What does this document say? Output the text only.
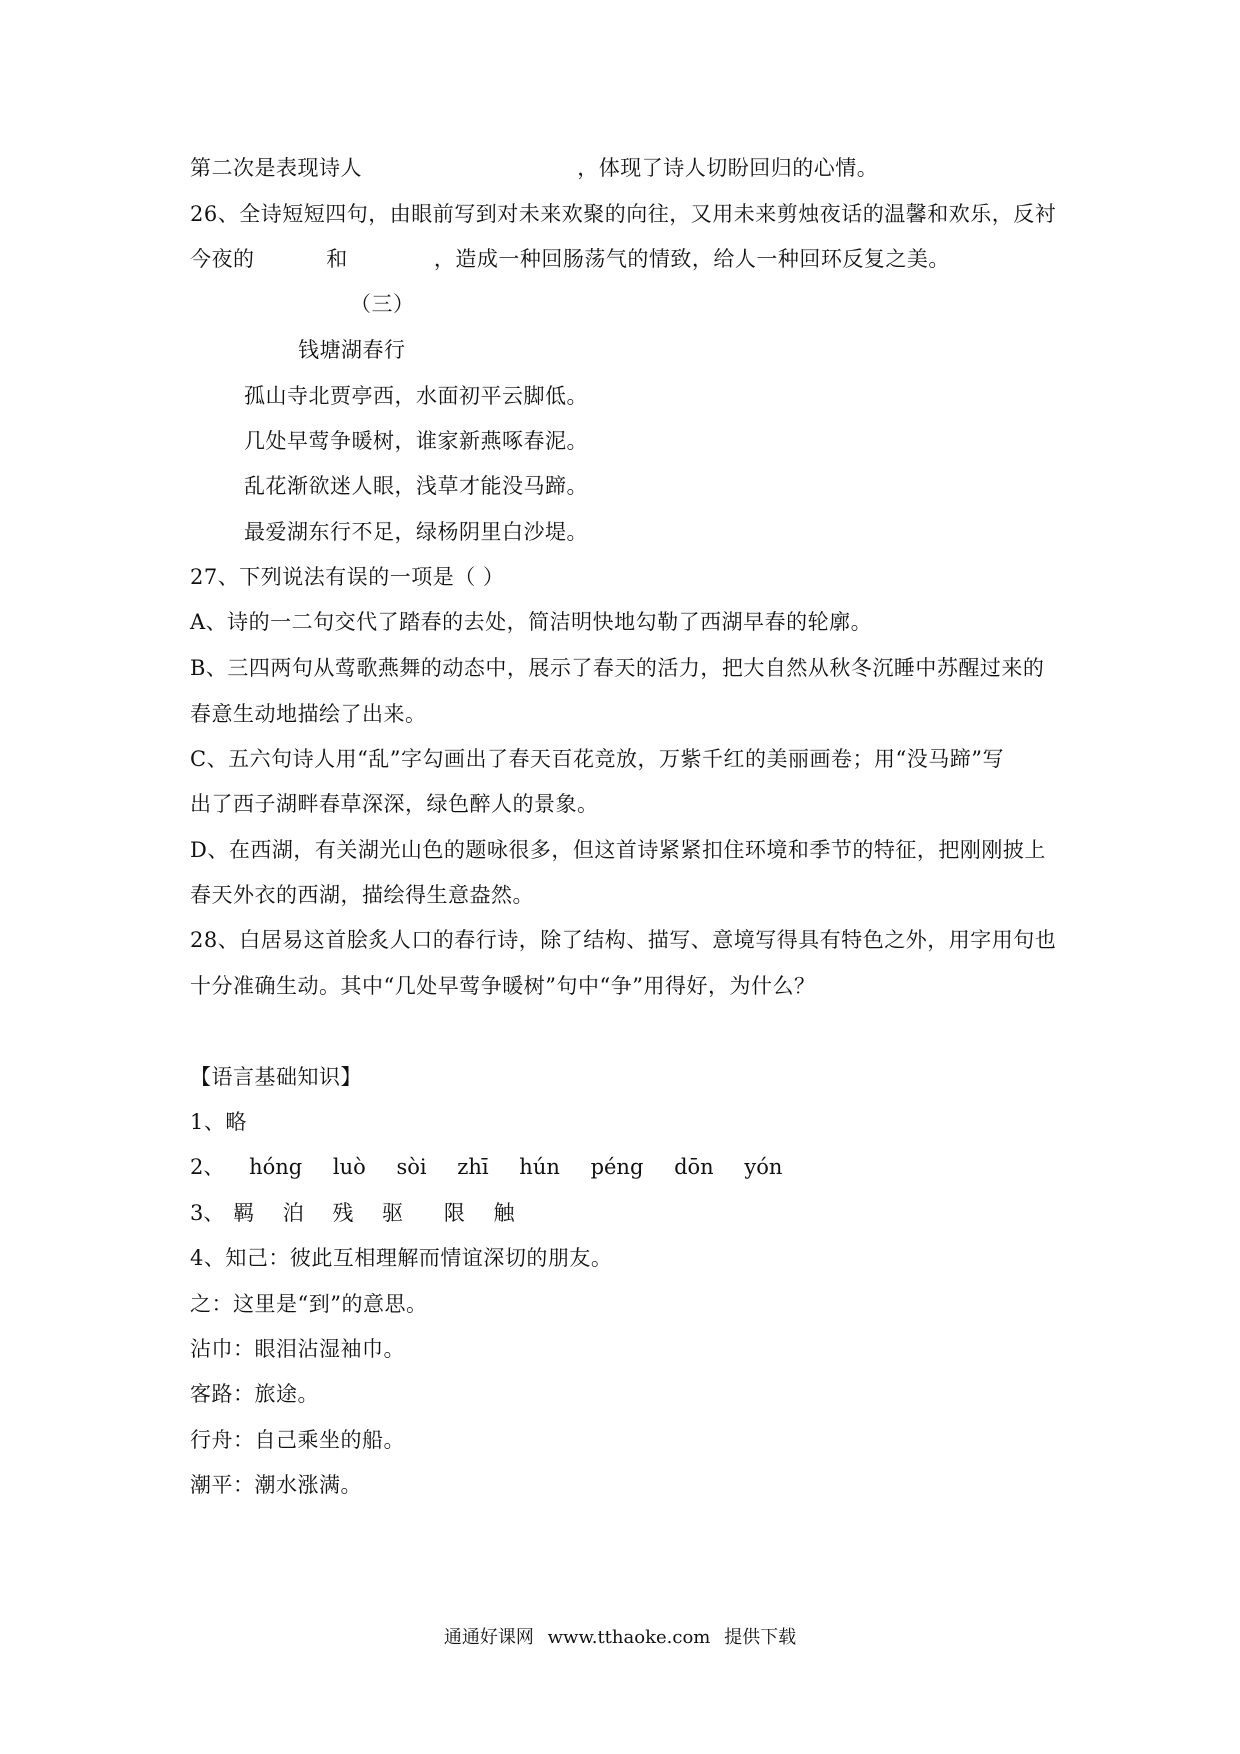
第二次是表现诗人                              ，体现了诗人切盼回归的心情。
26、全诗短短四句，由眼前写到对未来欢聚的向往，又用未来剪烛夜话的温馨和欢乐，反衬
今夜的          和            ，造成一种回肠荡气的情致，给人一种回环反复之美。
（三）
钱塘湖春行
孤山寺北贾亭西，水面初平云脚低。
几处早莺争暖树，谁家新燕啄春泥。
乱花渐欲迷人眼，浅草才能没马蹄。
最爱湖东行不足，绿杨阴里白沙堤。
27、下列说法有误的一项是（ ）
A、诗的一二句交代了踏春的去处，简洁明快地勾勒了西湖早春的轮廓。
B、三四两句从莺歌燕舞的动态中，展示了春天的活力，把大自然从秋冬沉睡中苏醒过来的
春意生动地描绘了出来。
C、五六句诗人用“乱”字勾画出了春天百花竞放，万紫千红的美丽画卷；用“没马蹄”写
出了西子湖畔春草深深，绿色醉人的景象。
D、在西湖，有关湖光山色的题咏很多，但这首诗紧紧扣住环境和季节的特征，把刚刚披上
春天外衣的西湖，描绘得生意盎然。
28、白居易这首脍炙人口的春行诗，除了结构、描写、意境写得具有特色之外，用字用句也
十分准确生动。其中“几处早莺争暖树”句中“争”用得好，为什么？
【语言基础知识】
1、略
2、 hóng luò sòi zhī hún péng dōn yón
3、 羁 泊 残 驱 限 触
4、知己：彼此互相理解而情谊深切的朋友。
之：这里是“到”的意思。
沾巾：眼泪沾湿袖巾。
客路：旅途。
行舟：自己乘坐的船。
潮平：潮水涨满。
通通好课网 www.tthaoke.com 提供下载
